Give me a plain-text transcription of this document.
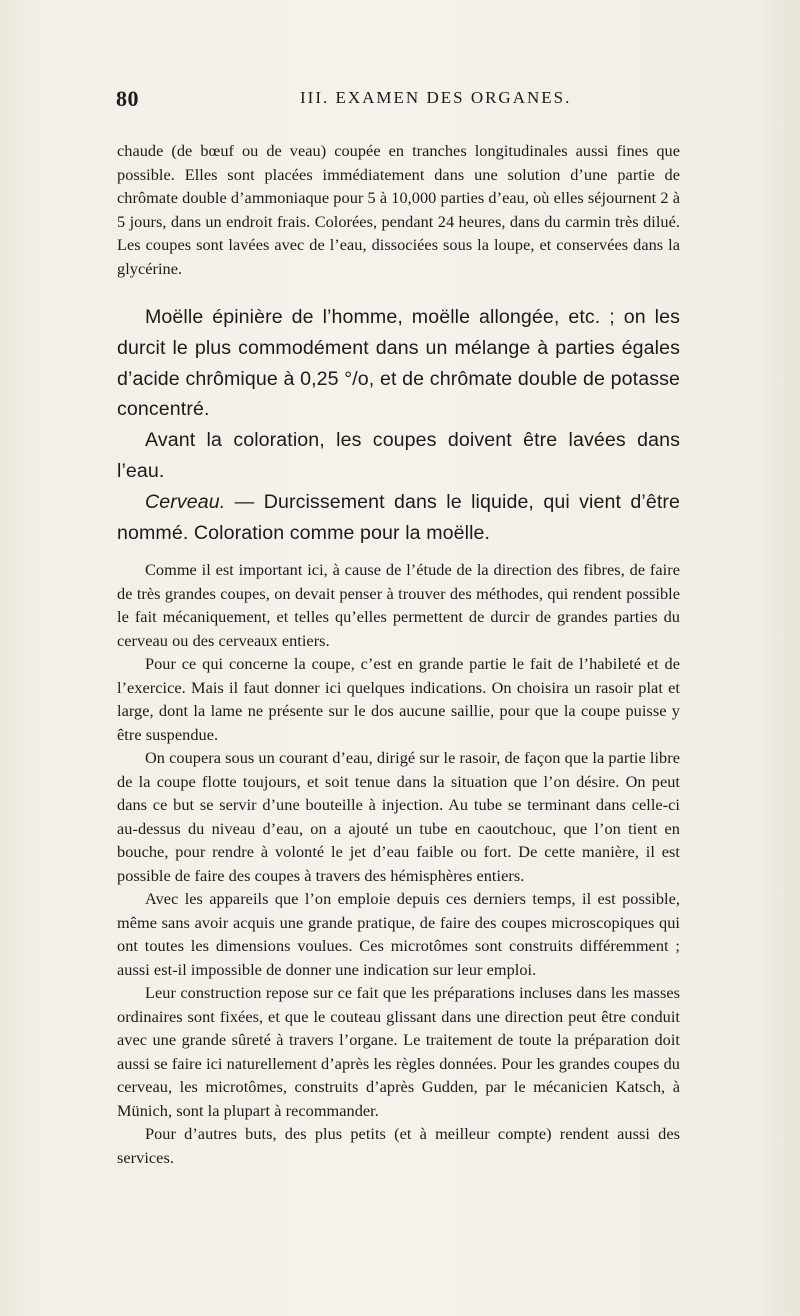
80	III. EXAMEN DES ORGANES.

chaude (de bœuf ou de veau) coupée en tranches longitudinales aussi fines que possible. Elles sont placées immédiatement dans une solution d’une partie de chrômate double d’ammoniaque pour 5 à 10,000 parties d’eau, où elles séjournent 2 à 5 jours, dans un endroit frais. Colorées, pendant 24 heures, dans du carmin très dilué. Les coupes sont lavées avec de l’eau, dissociées sous la loupe, et conservées dans la glycérine.

Moëlle épinière de l’homme, moëlle allongée, etc. ; on les durcit le plus commodément dans un mélange à parties égales d’acide chrômique à 0,25 °/o, et de chrômate double de potasse concentré.

Avant la coloration, les coupes doivent être lavées dans l’eau.

Cerveau. — Durcissement dans le liquide, qui vient d’être nommé. Coloration comme pour la moëlle.

Comme il est important ici, à cause de l’étude de la direction des fibres, de faire de très grandes coupes, on devait penser à trouver des méthodes, qui rendent possible le fait mécaniquement, et telles qu’elles permettent de durcir de grandes parties du cerveau ou des cerveaux entiers.

Pour ce qui concerne la coupe, c’est en grande partie le fait de l’habileté et de l’exercice. Mais il faut donner ici quelques indications. On choisira un rasoir plat et large, dont la lame ne présente sur le dos aucune saillie, pour que la coupe puisse y être suspendue.

On coupera sous un courant d’eau, dirigé sur le rasoir, de façon que la partie libre de la coupe flotte toujours, et soit tenue dans la situation que l’on désire. On peut dans ce but se servir d’une bouteille à injection. Au tube se terminant dans celle-ci au-dessus du niveau d’eau, on a ajouté un tube en caoutchouc, que l’on tient en bouche, pour rendre à volonté le jet d’eau faible ou fort. De cette manière, il est possible de faire des coupes à travers des hémisphères entiers.

Avec les appareils que l’on emploie depuis ces derniers temps, il est possible, même sans avoir acquis une grande pratique, de faire des coupes microscopiques qui ont toutes les dimensions voulues. Ces microtômes sont construits différemment ; aussi est-il impossible de donner une indication sur leur emploi.

Leur construction repose sur ce fait que les préparations incluses dans les masses ordinaires sont fixées, et que le couteau glissant dans une direction peut être conduit avec une grande sûreté à travers l’organe. Le traitement de toute la préparation doit aussi se faire ici naturellement d’après les règles données. Pour les grandes coupes du cerveau, les microtômes, construits d’après Gudden, par le mécanicien Katsch, à Münich, sont la plupart à recommander.

Pour d’autres buts, des plus petits (et à meilleur compte) rendent aussi des services.
